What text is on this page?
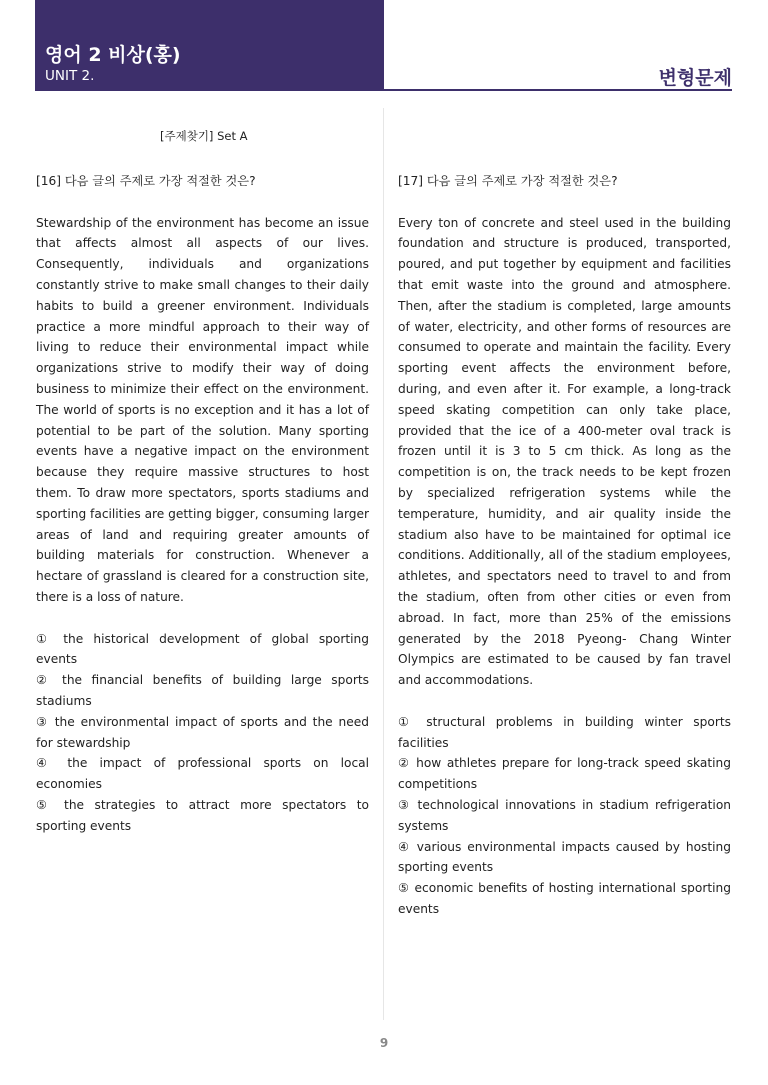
영어 2 비상(홍)
UNIT 2.	변형문제
[주제찾기] Set A

[16] 다음 글의 주제로 가장 적절한 것은?

Stewardship of the environment has become an issue that affects almost all aspects of our lives. Consequently, individuals and organizations constantly strive to make small changes to their daily habits to build a greener environment. Individuals practice a more mindful approach to their way of living to reduce their environmental impact while organizations strive to modify their way of doing business to minimize their effect on the environment. The world of sports is no exception and it has a lot of potential to be part of the solution. Many sporting events have a negative impact on the environment because they require massive structures to host them. To draw more spectators, sports stadiums and sporting facilities are getting bigger, consuming larger areas of land and requiring greater amounts of building materials for construction. Whenever a hectare of grassland is cleared for a construction site, there is a loss of nature.

① the historical development of global sporting events
② the financial benefits of building large sports stadiums
③ the environmental impact of sports and the need for stewardship
④ the impact of professional sports on local economies
⑤ the strategies to attract more spectators to sporting events

[17] 다음 글의 주제로 가장 적절한 것은?

Every ton of concrete and steel used in the building foundation and structure is produced, transported, poured, and put together by equipment and facilities that emit waste into the ground and atmosphere. Then, after the stadium is completed, large amounts of water, electricity, and other forms of resources are consumed to operate and maintain the facility. Every sporting event affects the environment before, during, and even after it. For example, a long-track speed skating competition can only take place, provided that the ice of a 400-meter oval track is frozen until it is 3 to 5 cm thick. As long as the competition is on, the track needs to be kept frozen by specialized refrigeration systems while the temperature, humidity, and air quality inside the stadium also have to be maintained for optimal ice conditions. Additionally, all of the stadium employees, athletes, and spectators need to travel to and from the stadium, often from other cities or even from abroad. In fact, more than 25% of the emissions generated by the 2018 Pyeong- Chang Winter Olympics are estimated to be caused by fan travel and accommodations.

① structural problems in building winter sports facilities
② how athletes prepare for long-track speed skating competitions
③ technological innovations in stadium refrigeration systems
④ various environmental impacts caused by hosting sporting events
⑤ economic benefits of hosting international sporting events
9
